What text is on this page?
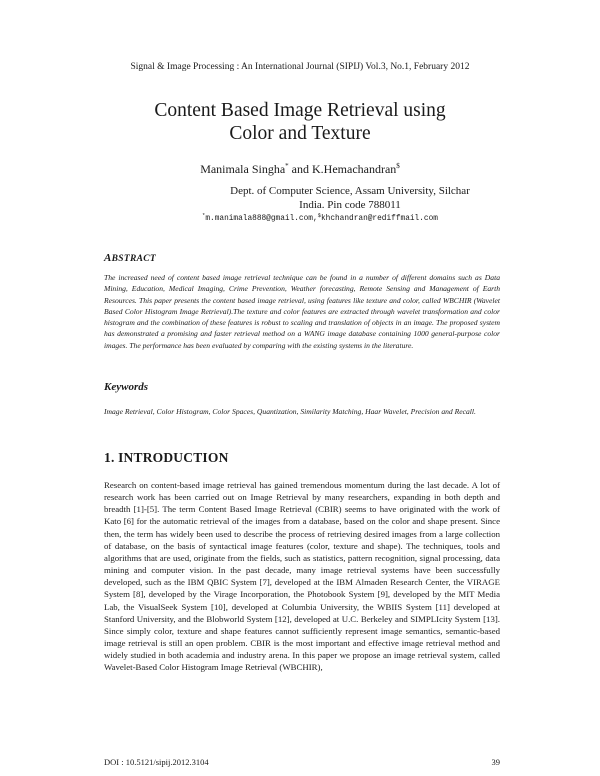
Signal & Image Processing : An International Journal (SIPIJ) Vol.3, No.1, February 2012
Content Based Image Retrieval using
Color and Texture
Manimala Singha* and K.Hemachandran$
Dept. of Computer Science, Assam University, Silchar
India. Pin code 788011
*m.manimala888@gmail.com,$khchandran@rediffmail.com
ABSTRACT

The increased need of content based image retrieval technique can be found in a number of different domains such as Data Mining, Education, Medical Imaging, Crime Prevention, Weather forecasting, Remote Sensing and Management of Earth Resources. This paper presents the content based image retrieval, using features like texture and color, called WBCHIR (Wavelet Based Color Histogram Image Retrieval).The texture and color features are extracted through wavelet transformation and color histogram and the combination of these features is robust to scaling and translation of objects in an image. The proposed system has demonstrated a promising and faster retrieval method on a WANG image database containing 1000 general-purpose color images. The performance has been evaluated by comparing with the existing systems in the literature.

Keywords

Image Retrieval, Color Histogram, Color Spaces, Quantization, Similarity Matching, Haar Wavelet, Precision and Recall.

1. INTRODUCTION

Research on content-based image retrieval has gained tremendous momentum during the last decade. A lot of research work has been carried out on Image Retrieval by many researchers, expanding in both depth and breadth [1]-[5]. The term Content Based Image Retrieval (CBIR) seems to have originated with the work of Kato [6] for the automatic retrieval of the images from a database, based on the color and shape present. Since then, the term has widely been used to describe the process of retrieving desired images from a large collection of database, on the basis of syntactical image features (color, texture and shape). The techniques, tools and algorithms that are used, originate from the fields, such as statistics, pattern recognition, signal processing, data mining and computer vision. In the past decade, many image retrieval systems have been successfully developed, such as the IBM QBIC System [7], developed at the IBM Almaden Research Center, the VIRAGE System [8], developed by the Virage Incorporation, the Photobook System [9], developed by the MIT Media Lab, the VisualSeek System [10], developed at Columbia University, the WBIIS System [11] developed at Stanford University, and the Blobworld System [12], developed at U.C. Berkeley and SIMPLIcity System [13]. Since simply color, texture and shape features cannot sufficiently represent image semantics, semantic-based image retrieval is still an open problem. CBIR is the most important and effective image retrieval method and widely studied in both academia and industry arena. In this paper we propose an image retrieval system, called Wavelet-Based Color Histogram Image Retrieval (WBCHIR),

DOI : 10.5121/sipij.2012.3104	39
